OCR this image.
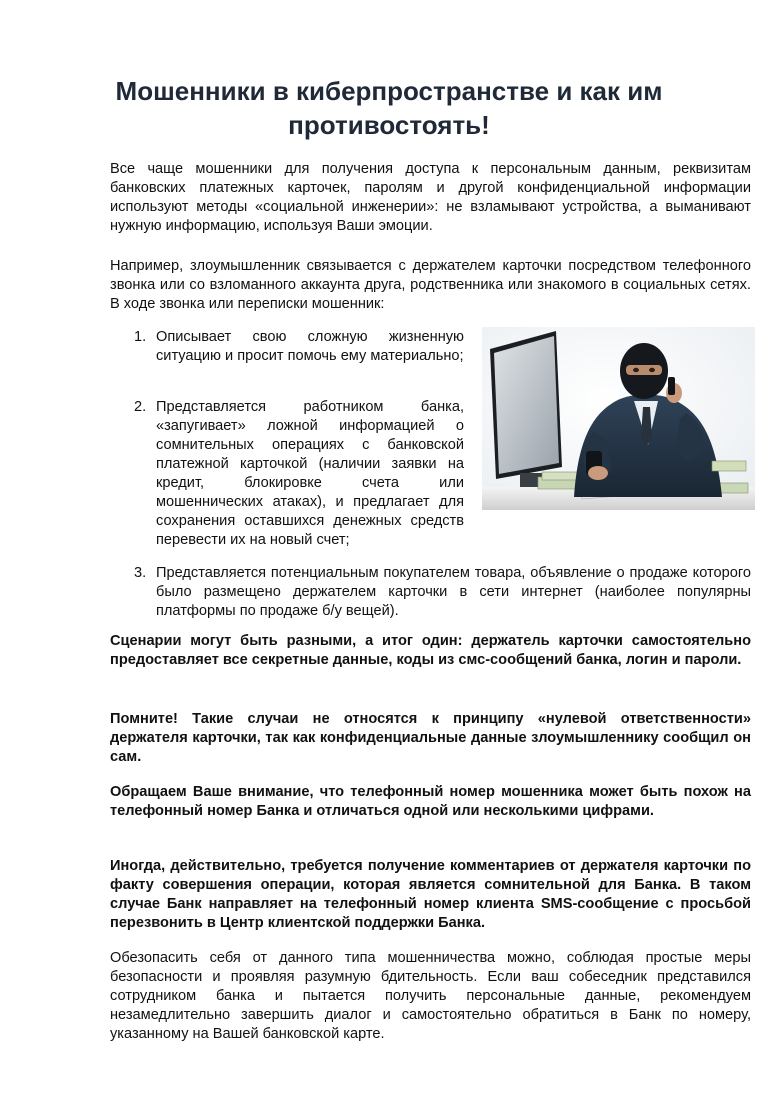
Мошенники в киберпространстве и как им противостоять!

Все чаще мошенники для получения доступа к персональным данным, реквизитам банковских платежных карточек, паролям и другой конфиденциальной информации используют методы «социальной инженерии»: не взламывают устройства, а выманивают нужную информацию, используя Ваши эмоции.

Например, злоумышленник связывается с держателем карточки посредством телефонного звонка или со взломанного аккаунта друга, родственника или знакомого в социальных сетях. В ходе звонка или переписки мошенник:

1. Описывает свою сложную жизненную ситуацию и просит помочь ему материально;
2. Представляется работником банка, «запугивает» ложной информацией о сомнительных операциях с банковской платежной карточкой (наличии заявки на кредит, блокировке счета или мошеннических атаках), и предлагает для сохранения оставшихся денежных средств перевести их на новый счет;
3. Представляется потенциальным покупателем товара, объявление о продаже которого было размещено держателем карточки в сети интернет (наиболее популярны платформы по продаже б/у вещей).

Сценарии могут быть разными, а итог один: держатель карточки самостоятельно предоставляет все секретные данные, коды из смс-сообщений банка, логин и пароли.

Помните! Такие случаи не относятся к принципу «нулевой ответственности» держателя карточки, так как конфиденциальные данные злоумышленнику сообщил он сам.

Обращаем Ваше внимание, что телефонный номер мошенника может быть похож на телефонный номер Банка и отличаться одной или несколькими цифрами.

Иногда, действительно, требуется получение комментариев от держателя карточки по факту совершения операции, которая является сомнительной для Банка. В таком случае Банк направляет на телефонный номер клиента SMS-сообщение с просьбой перезвонить в Центр клиентской поддержки Банка.

Обезопасить себя от данного типа мошенничества можно, соблюдая простые меры безопасности и проявляя разумную бдительность. Если ваш собеседник представился сотрудником банка и пытается получить персональные данные, рекомендуем незамедлительно завершить диалог и самостоятельно обратиться в Банк по номеру, указанному на Вашей банковской карте.
